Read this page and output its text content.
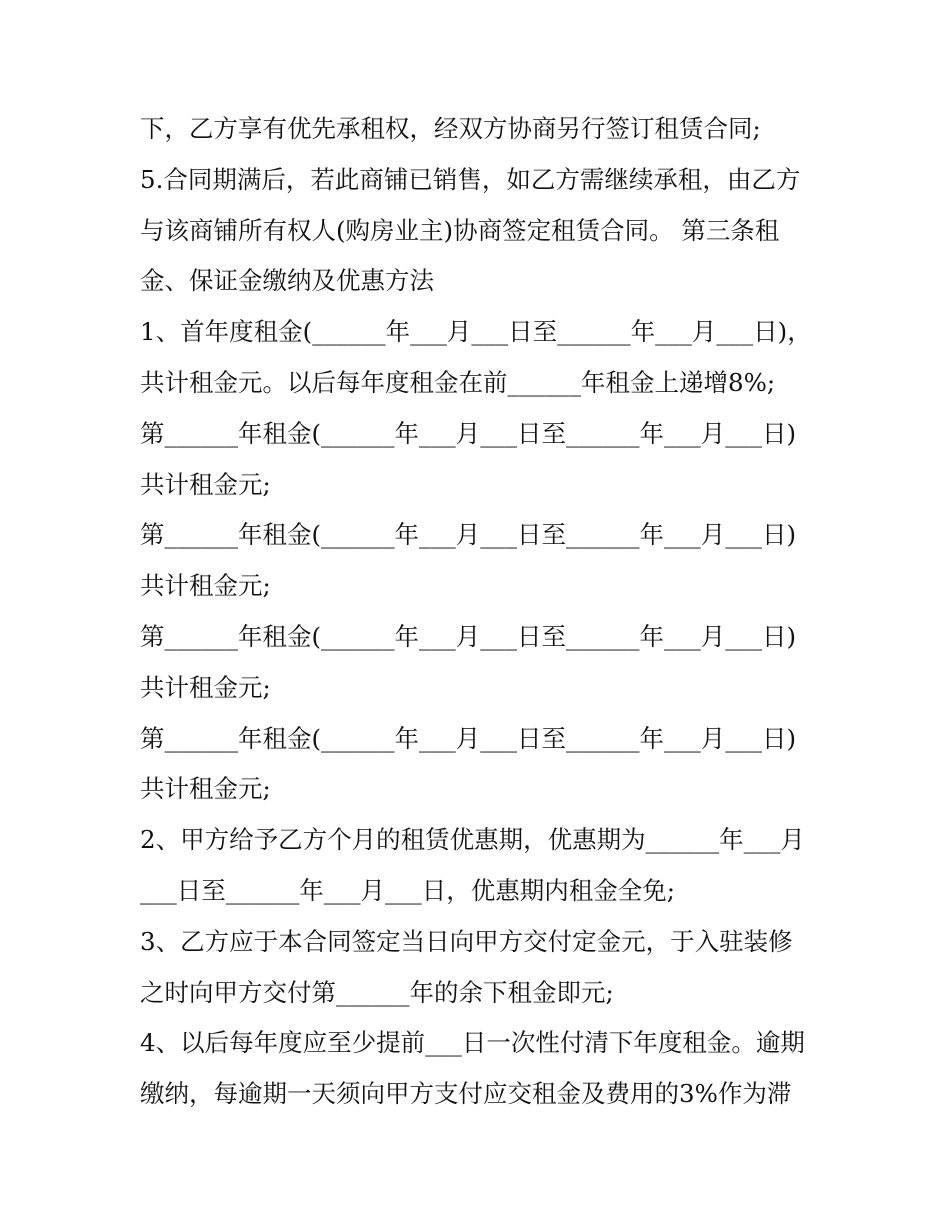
下，乙方享有优先承租权，经双方协商另行签订租赁合同;
5.合同期满后，若此商铺已销售，如乙方需继续承租，由乙方
与该商铺所有权人(购房业主)协商签定租赁合同。 第三条租
金、保证金缴纳及优惠方法
1、首年度租金(______年___月___日至______年___月___日)，
共计租金元。以后每年度租金在前______年租金上递增8%;
第______年租金(______年___月___日至______年___月___日)
共计租金元;
第______年租金(______年___月___日至______年___月___日)
共计租金元;
第______年租金(______年___月___日至______年___月___日)
共计租金元;
第______年租金(______年___月___日至______年___月___日)
共计租金元;
2、甲方给予乙方个月的租赁优惠期，优惠期为______年___月
___日至______年___月___日，优惠期内租金全免;
3、乙方应于本合同签定当日向甲方交付定金元，于入驻装修
之时向甲方交付第______年的余下租金即元;
4、以后每年度应至少提前___日一次性付清下年度租金。逾期
缴纳，每逾期一天须向甲方支付应交租金及费用的3%作为滞
